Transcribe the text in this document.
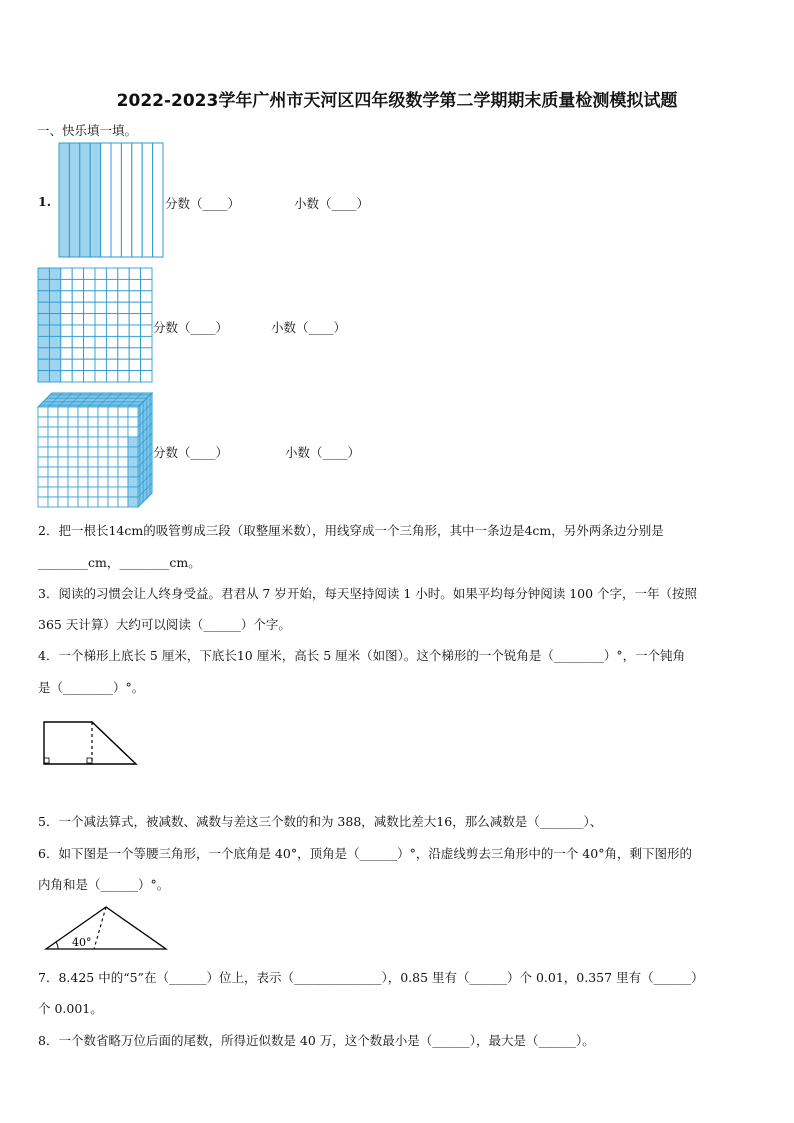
2022-2023学年广州市天河区四年级数学第二学期期末质量检测模拟试题
一、快乐填一填。
1.	分数（____）	小数（____）
分数（____）	小数（____）
分数（____）	小数（____）
2．把一根长14cm的吸管剪成三段（取整厘米数），用线穿成一个三角形，其中一条边是4cm，另外两条边分别是
________cm，________cm。
3．阅读的习惯会让人终身受益。君君从 7 岁开始，每天坚持阅读 1 小时。如果平均每分钟阅读 100 个字，一年（按照
365 天计算）大约可以阅读（______）个字。
4．一个梯形上底长 5 厘米，下底长10 厘米，高长 5 厘米（如图）。这个梯形的一个锐角是（________）°，一个钝角
是（________）°。
5．一个减法算式，被减数、减数与差这三个数的和为 388，减数比差大16，那么减数是（_______）、
6．如下图是一个等腰三角形，一个底角是 40°，顶角是（______）°，沿虚线剪去三角形中的一个 40°角，剩下图形的
内角和是（______）°。
40°
7．8.425 中的“5”在（______）位上，表示（______________），0.85 里有（______）个 0.01，0.357 里有（______）
个 0.001。
8．一个数省略万位后面的尾数，所得近似数是 40 万，这个数最小是（______），最大是（______）。
